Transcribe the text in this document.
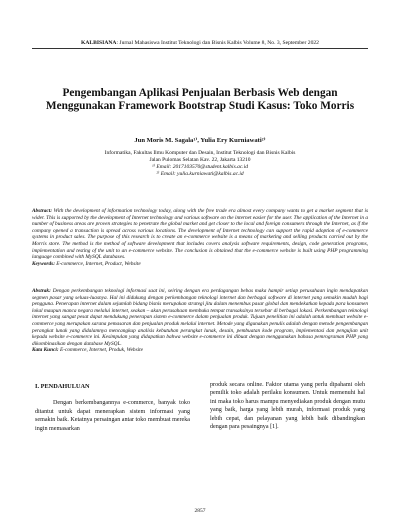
KALBISIANA: Jurnal Mahasiswa Institut Teknologi dan Bisnis Kalbis Volume 8, No. 3, September 2022
Pengembangan Aplikasi Penjualan Berbasis Web dengan Menggunakan Framework Bootstrap Studi Kasus: Toko Morris
Jun Moris M. Sagala¹⁾, Yulia Ery Kurniawati²⁾
Informatika, Fakultas Ilmu Komputer dan Desain, Institut Teknologi dan Bisnis Kalbis
Jalan Pulomas Selatan Kav. 22, Jakarta 13210
¹⁾ Email: 2017103570@student.kalbis.ac.id
²⁾ Email: yulia.kurniawati@kalbis.ac.id
Abstract: With the development of information technology today, along with the free trade era almost every company wants to get a market segment that is wider. This is supported by the development of Internet technology and various software on the internet easier for the user. The application of the Internet in a number of business areas are proven strategies to penetrate the global market and get closer to the local and foreign consumers through the Internet, as if the company opened a transaction is spread across various locations. The development of Internet technology can support the rapid adoption of e-commerce systems in product sales. The purpose of this research is to create an e-commerce website is a means of marketing and selling products carried out by the Morris store. The method is the method of software development that includes covers analysis software requirements, design, code generation programs, implementation and testing of the unit to an e-commerce website. The conclusion is obtained that the e-commerce website is built using PHP programming language combined with MySQL databases.
Keywords: E-commerce, Internet, Product, Website
Abstrak: Dengan perkembangan teknologi informasi saat ini, seiring dengan era perdagangan bebas maka hampir setiap perusahaan ingin mendapatkan segmen pasar yang seluas-luasnya. Hal ini didukung dengan perkembangan teknologi internet dan berbagai software di internet yang semakin mudah bagi pengguna. Penerapan internet dalam sejumlah bidang bisnis merupakan strategi jitu dalam menembus pasar global dan mendekatkan kepada para konsumen lokal maupun manca negara melalui internet, seakan – akan perusahaan membuka tempat transaksinya tersebar di berbagai lokasi. Perkembangan teknologi internet yang sangat pesat dapat mendukung penerapan sistem e-commerce dalam penjualan produk. Tujuan penelitian ini adalah untuk membuat website e-commerce yang merupakan sarana pemasaran dan penjualan produk melalui internet. Metode yang digunakan penulis adalah dengan metode pengembangan perangkat lunak yang didalamnya mencangkup analisis kebutuhan perangkat lunak, desain, pembuatan kode program, implementasi dan pengujian unit kepada website e-commerce ini. Kesimpulan yang didapatkan bahwa website e-commerce ini dibuat dengan menggunakan bahasa pemrograman PHP yang dikombinasikan dengan database MySQL.
Kata Kunci: E-commerce, Internet, Produk, Website
I. PENDAHULUAN
Dengan berkembangannya e-commerce, banyak toko ditantut untuk dapat menerapkan sistem informasi yang semakin baik. Ketatnya persaingan antar toko membuat mereka ingin memasarkan
produk secara online. Faktor utama yang perlu dipahami oleh pemilik toko adalah perilaku konsumen. Untuk memenuhi hal ini maka toko harus mampu menyediakan produk dengan mutu yang baik, harga yang lebih murah, informasi produk yang lebih cepat, dan pelayanan yang lebih baik dibandingkan dengan para pesaingnya [1].
2857
